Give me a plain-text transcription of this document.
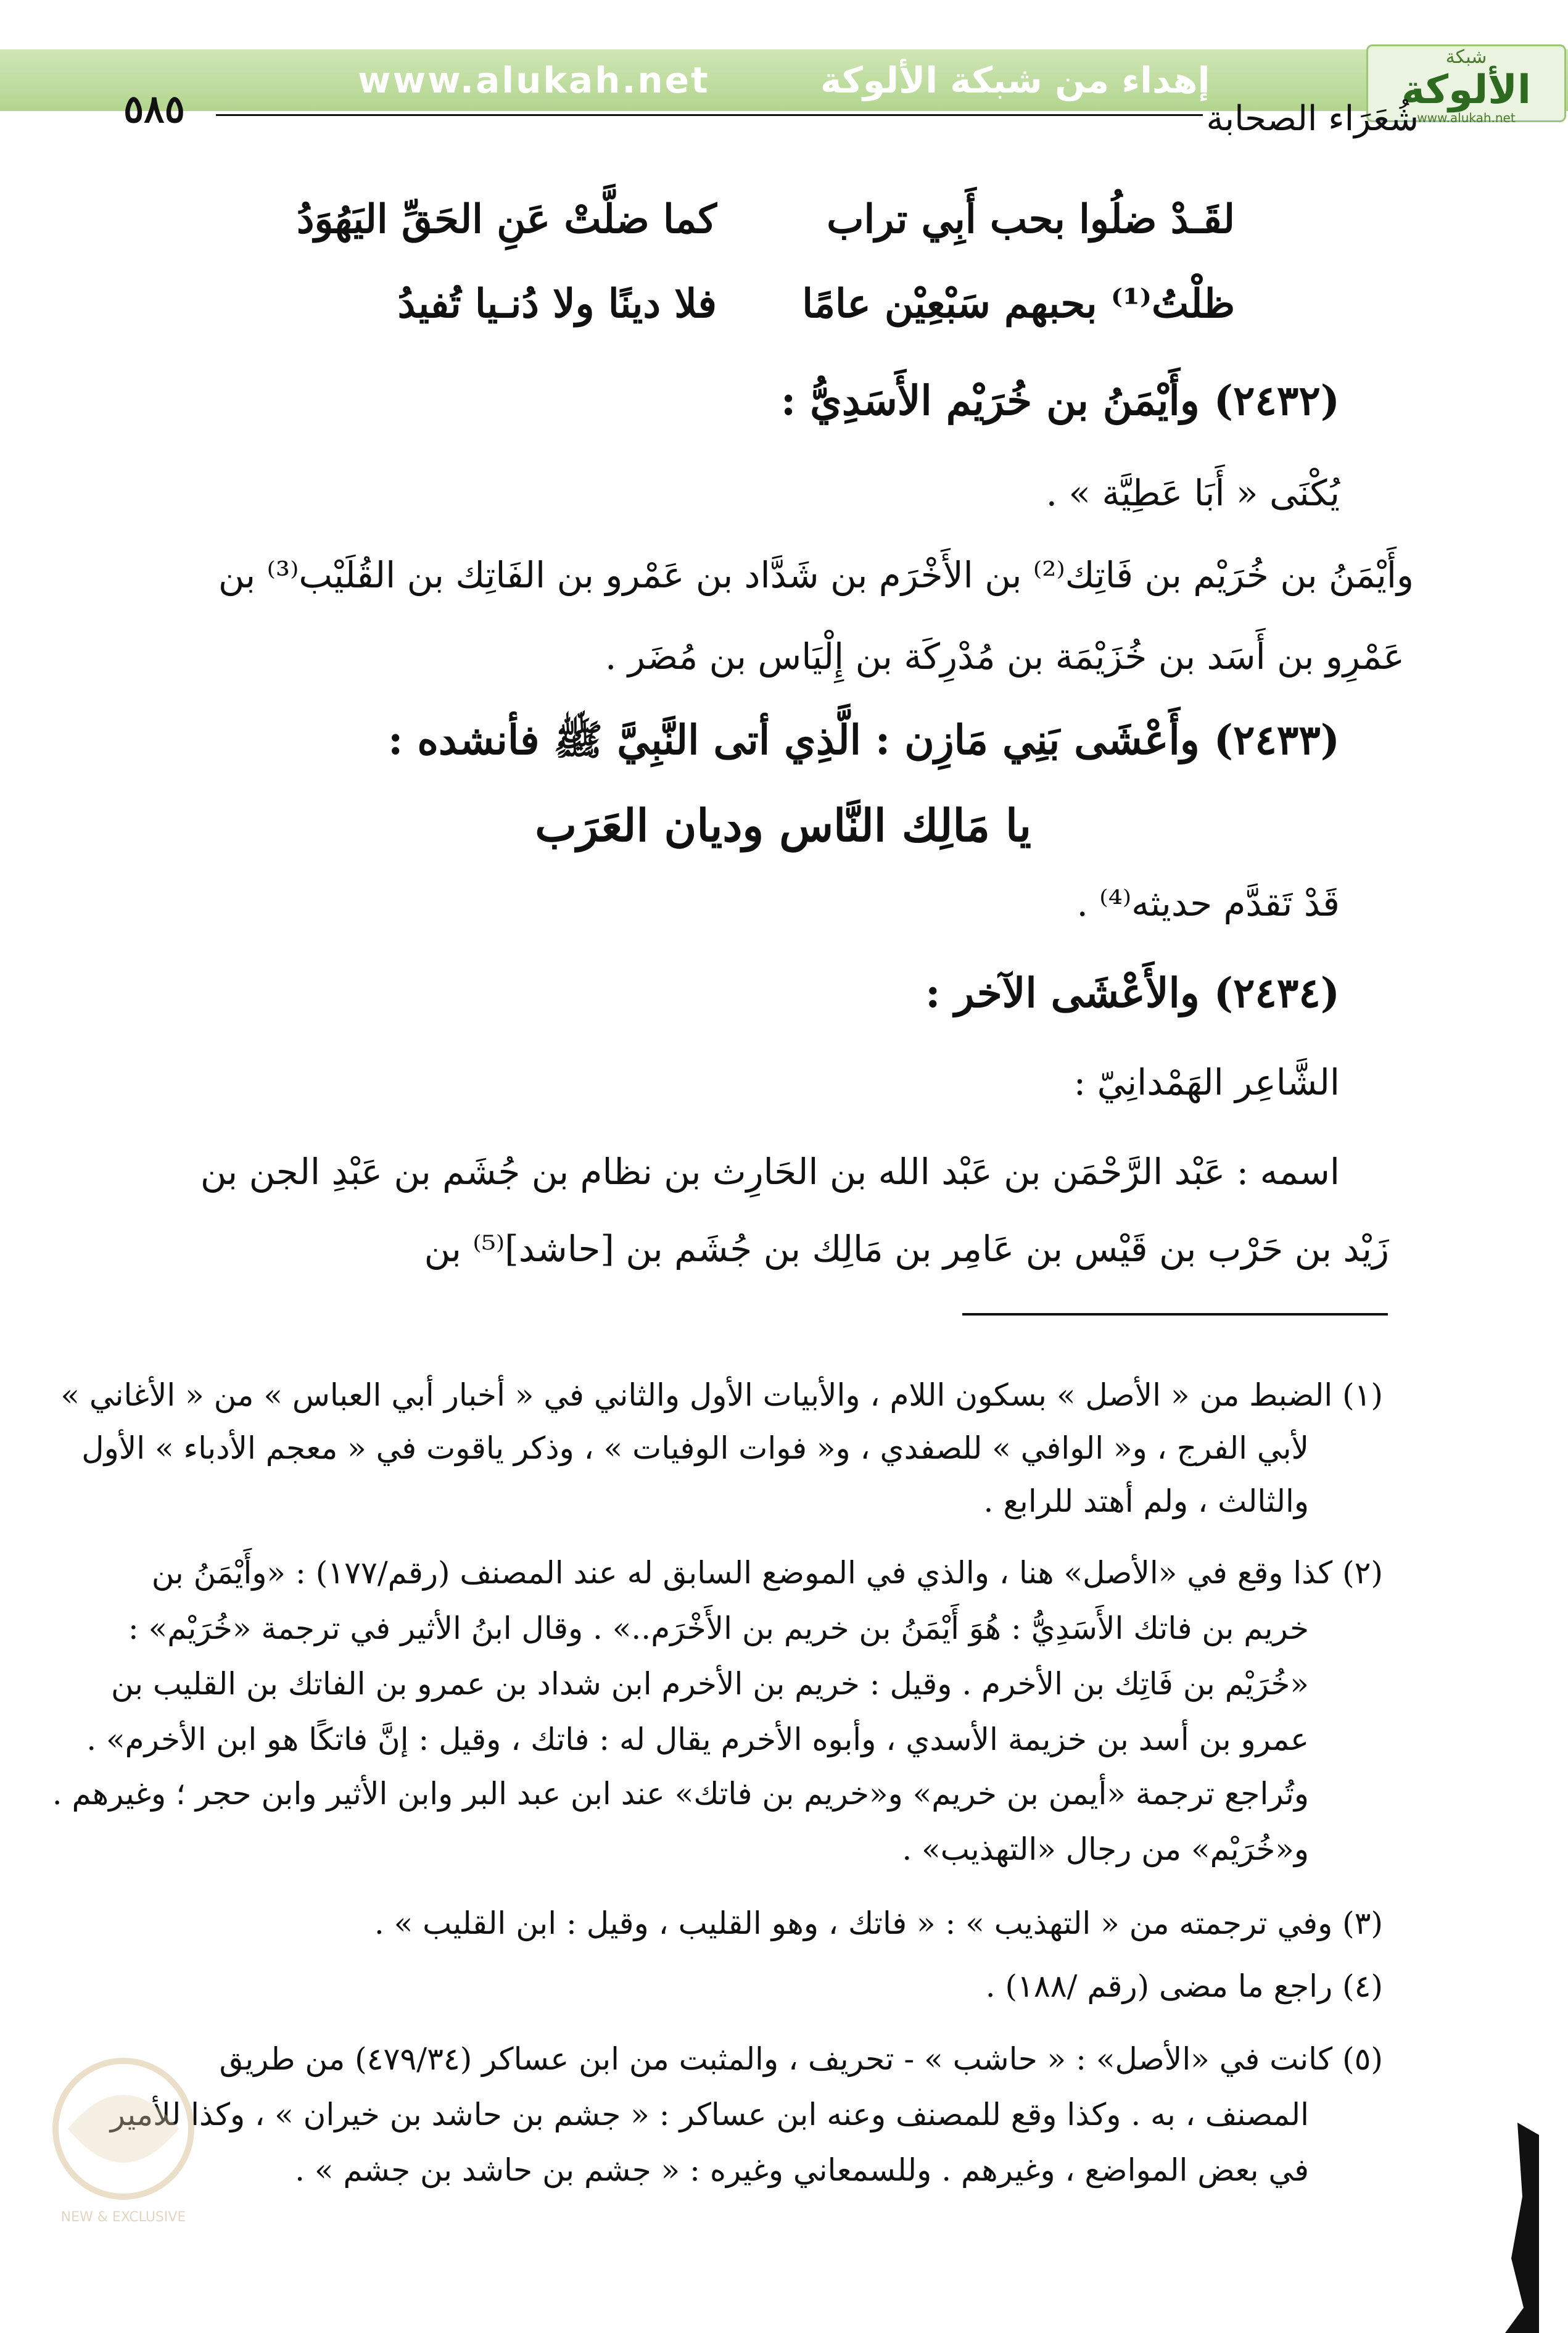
www.alukah.net	إهداء من شبكة الألوكة
شبكة
الألوكة
www.alukah.net
٥٨٥	شُعَرَاء الصحابة
لقَـدْ ضلُوا بحب أَبِي تراب
كما ضلَّتْ عَنِ الحَقِّ اليَهُوَدُ
ظلْتُ⁽¹⁾ بحبهم سَبْعِيْن عامًا
فلا دينًا ولا دُنـيا تُفيدُ
(٢٤٣٢) وأَيْمَنُ بن خُرَيْم الأَسَدِيُّ :
يُكْنَى « أَبَا عَطِيَّة » .
وأَيْمَنُ بن خُرَيْم بن فَاتِك⁽²⁾ بن الأَخْرَم بن شَدَّاد بن عَمْرو بن الفَاتِك بن القُلَيْب⁽³⁾ بن
عَمْرِو بن أَسَد بن خُزَيْمَة بن مُدْرِكَة بن إِلْيَاس بن مُضَر .
(٢٤٣٣) وأَعْشَى بَنِي مَازِن : الَّذِي أتى النَّبِيَّ ﷺ فأنشده :
يا مَالِك النَّاس وديان العَرَب
قَدْ تَقدَّم حديثه⁽⁴⁾ .
(٢٤٣٤) والأَعْشَى الآخر :
الشَّاعِر الهَمْدانِيّ :
اسمه : عَبْد الرَّحْمَن بن عَبْد الله بن الحَارِث بن نظام بن جُشَم بن عَبْدِ الجن بن
زَيْد بن حَرْب بن قَيْس بن عَامِر بن مَالِك بن جُشَم بن [حاشد]⁽⁵⁾ بن
(١) الضبط من « الأصل » بسكون اللام ، والأبيات الأول والثاني في « أخبار أبي العباس » من « الأغاني »
لأبي الفرج ، و« الوافي » للصفدي ، و« فوات الوفيات » ، وذكر ياقوت في « معجم الأدباء » الأول
والثالث ، ولم أهتد للرابع .
(٢) كذا وقع في «الأصل» هنا ، والذي في الموضع السابق له عند المصنف (رقم/١٧٧) : «وأَيْمَنُ بن
خريم بن فاتك الأَسَدِيُّ : هُوَ أَيْمَنُ بن خريم بن الأَخْرَم..» . وقال ابنُ الأثير في ترجمة «خُرَيْم» :
«خُرَيْم بن فَاتِك بن الأخرم . وقيل : خريم بن الأخرم ابن شداد بن عمرو بن الفاتك بن القليب بن
عمرو بن أسد بن خزيمة الأسدي ، وأبوه الأخرم يقال له : فاتك ، وقيل : إنَّ فاتكًا هو ابن الأخرم» .
وتُراجع ترجمة «أيمن بن خريم» و«خريم بن فاتك» عند ابن عبد البر وابن الأثير وابن حجر ؛ وغيرهم .
و«خُرَيْم» من رجال «التهذيب» .
(٣) وفي ترجمته من « التهذيب » : « فاتك ، وهو القليب ، وقيل : ابن القليب » .
(٤) راجع ما مضى (رقم /١٨٨) .
(٥) كانت في «الأصل» : « حاشب » - تحريف ، والمثبت من ابن عساكر (٤٧٩/٣٤) من طريق
المصنف ، به . وكذا وقع للمصنف وعنه ابن عساكر : « جشم بن حاشد بن خيران » ، وكذا للأمير
في بعض المواضع ، وغيرهم . وللسمعاني وغيره : « جشم بن حاشد بن جشم » .
NEW & EXCLUSIVE
